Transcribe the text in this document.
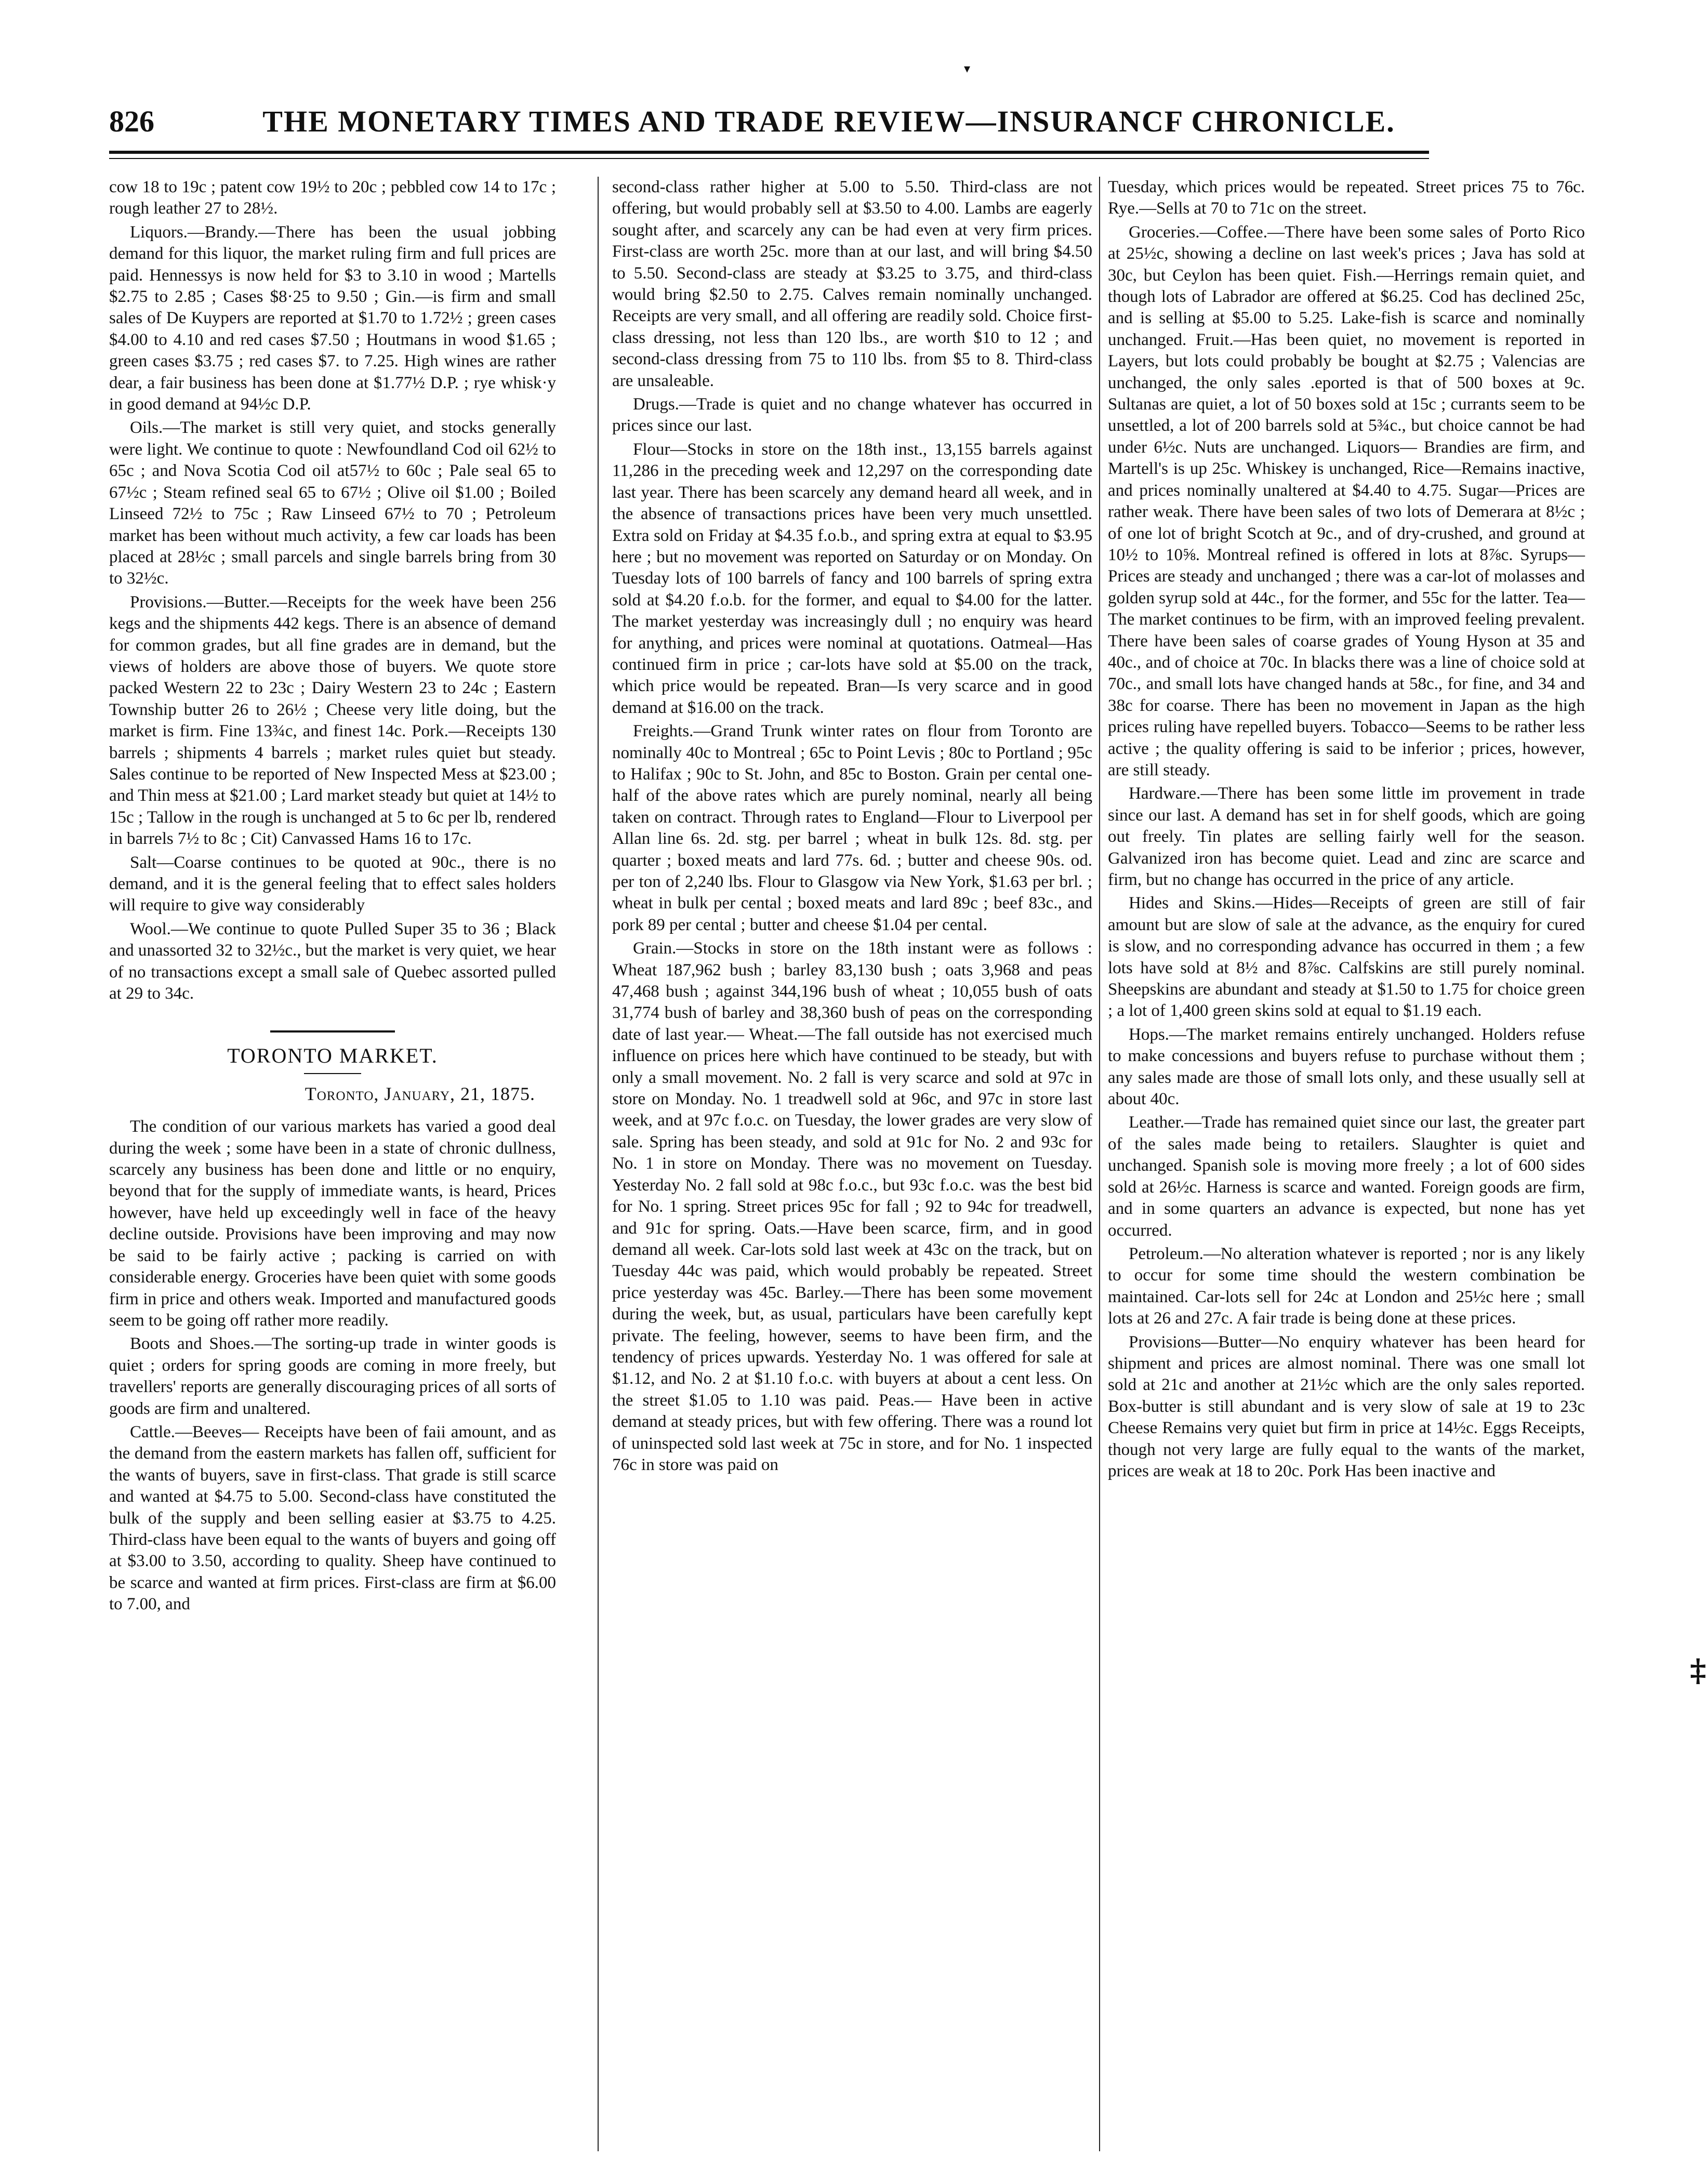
▾
826	THE MONETARY TIMES AND TRADE REVIEW—INSURANCF CHRONICLE.

cow 18 to 19c ; patent cow 19½ to 20c ; pebbled cow 14 to 17c ; rough leather 27 to 28½.

Liquors.—Brandy.—There has been the usual jobbing demand for this liquor, the market ruling firm and full prices are paid. Hennessys is now held for $3 to 3.10 in wood ; Martells $2.75 to 2.85 ; Cases $8·25 to 9.50 ; Gin.—is firm and small sales of De Kuypers are reported at $1.70 to 1.72½ ; green cases $4.00 to 4.10 and red cases $7.50 ; Houtmans in wood $1.65 ; green cases $3.75 ; red cases $7. to 7.25. High wines are rather dear, a fair business has been done at $1.77½ D.P. ; rye whisk·y in good demand at 94½c D.P.

Oils.—The market is still very quiet, and stocks generally were light. We continue to quote : Newfoundland Cod oil 62½ to 65c ; and Nova Scotia Cod oil at57½ to 60c ; Pale seal 65 to 67½c ; Steam refined seal 65 to 67½ ; Olive oil $1.00 ; Boiled Linseed 72½ to 75c ; Raw Linseed 67½ to 70 ; Petroleum market has been without much activity, a few car loads has been placed at 28½c ; small parcels and single barrels bring from 30 to 32½c.

Provisions.—Butter.—Receipts for the week have been 256 kegs and the shipments 442 kegs. There is an absence of demand for common grades, but all fine grades are in demand, but the views of holders are above those of buyers. We quote store packed Western 22 to 23c ; Dairy Western 23 to 24c ; Eastern Township butter 26 to 26½ ; Cheese very litle doing, but the market is firm. Fine 13¾c, and finest 14c. Pork.—Receipts 130 barrels ; shipments 4 barrels ; market rules quiet but steady. Sales continue to be reported of New Inspected Mess at $23.00 ; and Thin mess at $21.00 ; Lard market steady but quiet at 14½ to 15c ; Tallow in the rough is unchanged at 5 to 6c per lb, rendered in barrels 7½ to 8c ; Cit) Canvassed Hams 16 to 17c.

Salt—Coarse continues to be quoted at 90c., there is no demand, and it is the general feeling that to effect sales holders will require to give way considerably

Wool.—We continue to quote Pulled Super 35 to 36 ; Black and unassorted 32 to 32½c., but the market is very quiet, we hear of no transactions except a small sale of Quebec assorted pulled at 29 to 34c.

TORONTO MARKET.
Toronto, January, 21, 1875.

The condition of our various markets has varied a good deal during the week ; some have been in a state of chronic dullness, scarcely any business has been done and little or no enquiry, beyond that for the supply of immediate wants, is heard, Prices however, have held up exceedingly well in face of the heavy decline outside. Provisions have been improving and may now be said to be fairly active ; packing is carried on with considerable energy. Groceries have been quiet with some goods firm in price and others weak. Imported and manufactured goods seem to be going off rather more readily.

Boots and Shoes.—The sorting-up trade in winter goods is quiet ; orders for spring goods are coming in more freely, but travellers' reports are generally discouraging prices of all sorts of goods are firm and unaltered.

Cattle.—Beeves— Receipts have been of faii amount, and as the demand from the eastern markets has fallen off, sufficient for the wants of buyers, save in first-class. That grade is still scarce and wanted at $4.75 to 5.00. Second-class have constituted the bulk of the supply and been selling easier at $3.75 to 4.25. Third-class have been equal to the wants of buyers and going off at $3.00 to 3.50, according to quality. Sheep have continued to be scarce and wanted at firm prices. First-class are firm at $6.00 to 7.00, and

second-class rather higher at 5.00 to 5.50. Third-class are not offering, but would probably sell at $3.50 to 4.00. Lambs are eagerly sought after, and scarcely any can be had even at very firm prices. First-class are worth 25c. more than at our last, and will bring $4.50 to 5.50. Second-class are steady at $3.25 to 3.75, and third-class would bring $2.50 to 2.75. Calves remain nominally unchanged. Receipts are very small, and all offering are readily sold. Choice first-class dressing, not less than 120 lbs., are worth $10 to 12 ; and second-class dressing from 75 to 110 lbs. from $5 to 8. Third-class are unsaleable.

Drugs.—Trade is quiet and no change whatever has occurred in prices since our last.

Flour—Stocks in store on the 18th inst., 13,155 barrels against 11,286 in the preceding week and 12,297 on the corresponding date last year. There has been scarcely any demand heard all week, and in the absence of transactions prices have been very much unsettled. Extra sold on Friday at $4.35 f.o.b., and spring extra at equal to $3.95 here ; but no movement was reported on Saturday or on Monday. On Tuesday lots of 100 barrels of fancy and 100 barrels of spring extra sold at $4.20 f.o.b. for the former, and equal to $4.00 for the latter. The market yesterday was increasingly dull ; no enquiry was heard for anything, and prices were nominal at quotations. Oatmeal—Has continued firm in price ; car-lots have sold at $5.00 on the track, which price would be repeated. Bran—Is very scarce and in good demand at $16.00 on the track.

Freights.—Grand Trunk winter rates on flour from Toronto are nominally 40c to Montreal ; 65c to Point Levis ; 80c to Portland ; 95c to Halifax ; 90c to St. John, and 85c to Boston. Grain per cental one-half of the above rates which are purely nominal, nearly all being taken on contract. Through rates to England—Flour to Liverpool per Allan line 6s. 2d. stg. per barrel ; wheat in bulk 12s. 8d. stg. per quarter ; boxed meats and lard 77s. 6d. ; butter and cheese 90s. od. per ton of 2,240 lbs. Flour to Glasgow via New York, $1.63 per brl. ; wheat in bulk per cental ; boxed meats and lard 89c ; beef 83c., and pork 89 per cental ; butter and cheese $1.04 per cental.

Grain.—Stocks in store on the 18th instant were as follows : Wheat 187,962 bush ; barley 83,130 bush ; oats 3,968 and peas 47,468 bush ; against 344,196 bush of wheat ; 10,055 bush of oats 31,774 bush of barley and 38,360 bush of peas on the corresponding date of last year.— Wheat.—The fall outside has not exercised much influence on prices here which have continued to be steady, but with only a small movement. No. 2 fall is very scarce and sold at 97c in store on Monday. No. 1 treadwell sold at 96c, and 97c in store last week, and at 97c f.o.c. on Tuesday, the lower grades are very slow of sale. Spring has been steady, and sold at 91c for No. 2 and 93c for No. 1 in store on Monday. There was no movement on Tuesday. Yesterday No. 2 fall sold at 98c f.o.c., but 93c f.o.c. was the best bid for No. 1 spring. Street prices 95c for fall ; 92 to 94c for treadwell, and 91c for spring. Oats.—Have been scarce, firm, and in good demand all week. Car-lots sold last week at 43c on the track, but on Tuesday 44c was paid, which would probably be repeated. Street price yesterday was 45c. Barley.—There has been some movement during the week, but, as usual, particulars have been carefully kept private. The feeling, however, seems to have been firm, and the tendency of prices upwards. Yesterday No. 1 was offered for sale at $1.12, and No. 2 at $1.10 f.o.c. with buyers at about a cent less. On the street $1.05 to 1.10 was paid. Peas.— Have been in active demand at steady prices, but with few offering. There was a round lot of uninspected sold last week at 75c in store, and for No. 1 inspected 76c in store was paid on

Tuesday, which prices would be repeated. Street prices 75 to 76c. Rye.—Sells at 70 to 71c on the street.

Groceries.—Coffee.—There have been some sales of Porto Rico at 25½c, showing a decline on last week's prices ; Java has sold at 30c, but Ceylon has been quiet. Fish.—Herrings remain quiet, and though lots of Labrador are offered at $6.25. Cod has declined 25c, and is selling at $5.00 to 5.25. Lake-fish is scarce and nominally unchanged. Fruit.—Has been quiet, no movement is reported in Layers, but lots could probably be bought at $2.75 ; Valencias are unchanged, the only sales .eported is that of 500 boxes at 9c. Sultanas are quiet, a lot of 50 boxes sold at 15c ; currants seem to be unsettled, a lot of 200 barrels sold at 5¾c., but choice cannot be had under 6½c. Nuts are unchanged. Liquors— Brandies are firm, and Martell's is up 25c. Whiskey is unchanged, Rice—Remains inactive, and prices nominally unaltered at $4.40 to 4.75. Sugar—Prices are rather weak. There have been sales of two lots of Demerara at 8½c ; of one lot of bright Scotch at 9c., and of dry-crushed, and ground at 10½ to 10⅝. Montreal refined is offered in lots at 8⅞c. Syrups—Prices are steady and unchanged ; there was a car-lot of molasses and golden syrup sold at 44c., for the former, and 55c for the latter. Tea—The market continues to be firm, with an improved feeling prevalent. There have been sales of coarse grades of Young Hyson at 35 and 40c., and of choice at 70c. In blacks there was a line of choice sold at 70c., and small lots have changed hands at 58c., for fine, and 34 and 38c for coarse. There has been no movement in Japan as the high prices ruling have repelled buyers. Tobacco—Seems to be rather less active ; the quality offering is said to be inferior ; prices, however, are still steady.

Hardware.—There has been some little im provement in trade since our last. A demand has set in for shelf goods, which are going out freely. Tin plates are selling fairly well for the season. Galvanized iron has become quiet. Lead and zinc are scarce and firm, but no change has occurred in the price of any article.

Hides and Skins.—Hides—Receipts of green are still of fair amount but are slow of sale at the advance, as the enquiry for cured is slow, and no corresponding advance has occurred in them ; a few lots have sold at 8½ and 8⅞c. Calfskins are still purely nominal. Sheepskins are abundant and steady at $1.50 to 1.75 for choice green ; a lot of 1,400 green skins sold at equal to $1.19 each.

Hops.—The market remains entirely unchanged. Holders refuse to make concessions and buyers refuse to purchase without them ; any sales made are those of small lots only, and these usually sell at about 40c.

Leather.—Trade has remained quiet since our last, the greater part of the sales made being to retailers. Slaughter is quiet and unchanged. Spanish sole is moving more freely ; a lot of 600 sides sold at 26½c. Harness is scarce and wanted. Foreign goods are firm, and in some quarters an advance is expected, but none has yet occurred.

Petroleum.—No alteration whatever is reported ; nor is any likely to occur for some time should the western combination be maintained. Car-lots sell for 24c at London and 25½c here ; small lots at 26 and 27c. A fair trade is being done at these prices.

Provisions—Butter—No enquiry whatever has been heard for shipment and prices are almost nominal. There was one small lot sold at 21c and another at 21½c which are the only sales reported. Box-butter is still abundant and is very slow of sale at 19 to 23c Cheese Remains very quiet but firm in price at 14½c. Eggs Receipts, though not very large are fully equal to the wants of the market, prices are weak at 18 to 20c. Pork Has been inactive and

‡
